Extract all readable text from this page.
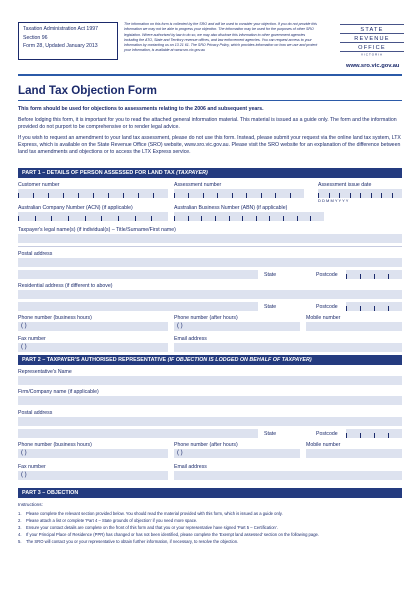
Taxation Administration Act 1997
Section 96
Form 28, Updated January 2013
The information on this form is collected by the SRO and will be used to consider your objection. If you do not provide this information we may not be able to progress your objection. The information may be used for the purposes of other SRO legislation. Where authorised by law to do so, we may also disclose this information to other government agencies including the ATO, State and Territory revenue offices, and law enforcement agencies. You can request access to your information by contacting us on 13 21 61. The SRO Privacy Policy, which provides information on how we use and protect your information, is available at www.sro.vic.gov.au
STATE
REVENUE
OFFICE
VICTORIA
www.sro.vic.gov.au
Land Tax Objection Form
This form should be used for objections to assessments relating to the 2006 and subsequent years.
Before lodging this form, it is important for you to read the attached general information material. This material is issued as a guide only. The form and the information provided do not purport to be comprehensive or to render legal advice.
If you wish to request an amendment to your land tax assessment, please do not use this form. Instead, please submit your request via the online land tax system, LTX Express, which is available on the State Revenue Office (SRO) website, www.sro.vic.gov.au. Please visit the SRO website for an explanation of the difference between land tax amendments and objections or to access the LTX Express service.
PART 1 – DETAILS OF PERSON ASSESSED FOR LAND TAX (TAXPAYER)
Customer number	Assessment number	Assessment issue date
D D M M Y Y Y Y
Australian Company Number (ACN) (if applicable)	Australian Business Number (ABN) (if applicable)
Taxpayer's legal name(s) (if individual(s) – Title/Surname/First name)
Postal address
State	Postcode
Residential address (if different to above)
State	Postcode
Phone number (business hours)	Phone number (after hours)	Mobile number
( )	( )
Fax number	Email address
( )
PART 2 – TAXPAYER'S AUTHORISED REPRESENTATIVE (IF OBJECTION IS LODGED ON BEHALF OF TAXPAYER)
Representative's Name
Firm/Company name (if applicable)
Postal address
State	Postcode
Phone number (business hours)	Phone number (after hours)	Mobile number
( )	( )
Fax number	Email address
( )
PART 3 – OBJECTION
Instructions:
1.	Please complete the relevant section provided below. You should read the material provided with this form, which is issued as a guide only.
2.	Please attach a list or complete 'Part 4 – State grounds of objection' if you need more space.
3.	Ensure your contact details are complete on the front of this form and that you or your representative have signed 'Part 5 – Certification'.
4.	If your Principal Place of Residence (PPR) has changed or has not been identified, please complete the 'Exempt land assessed' section on the following page.
5.	The SRO will contact you or your representative to obtain further information, if necessary, to resolve the objection.
